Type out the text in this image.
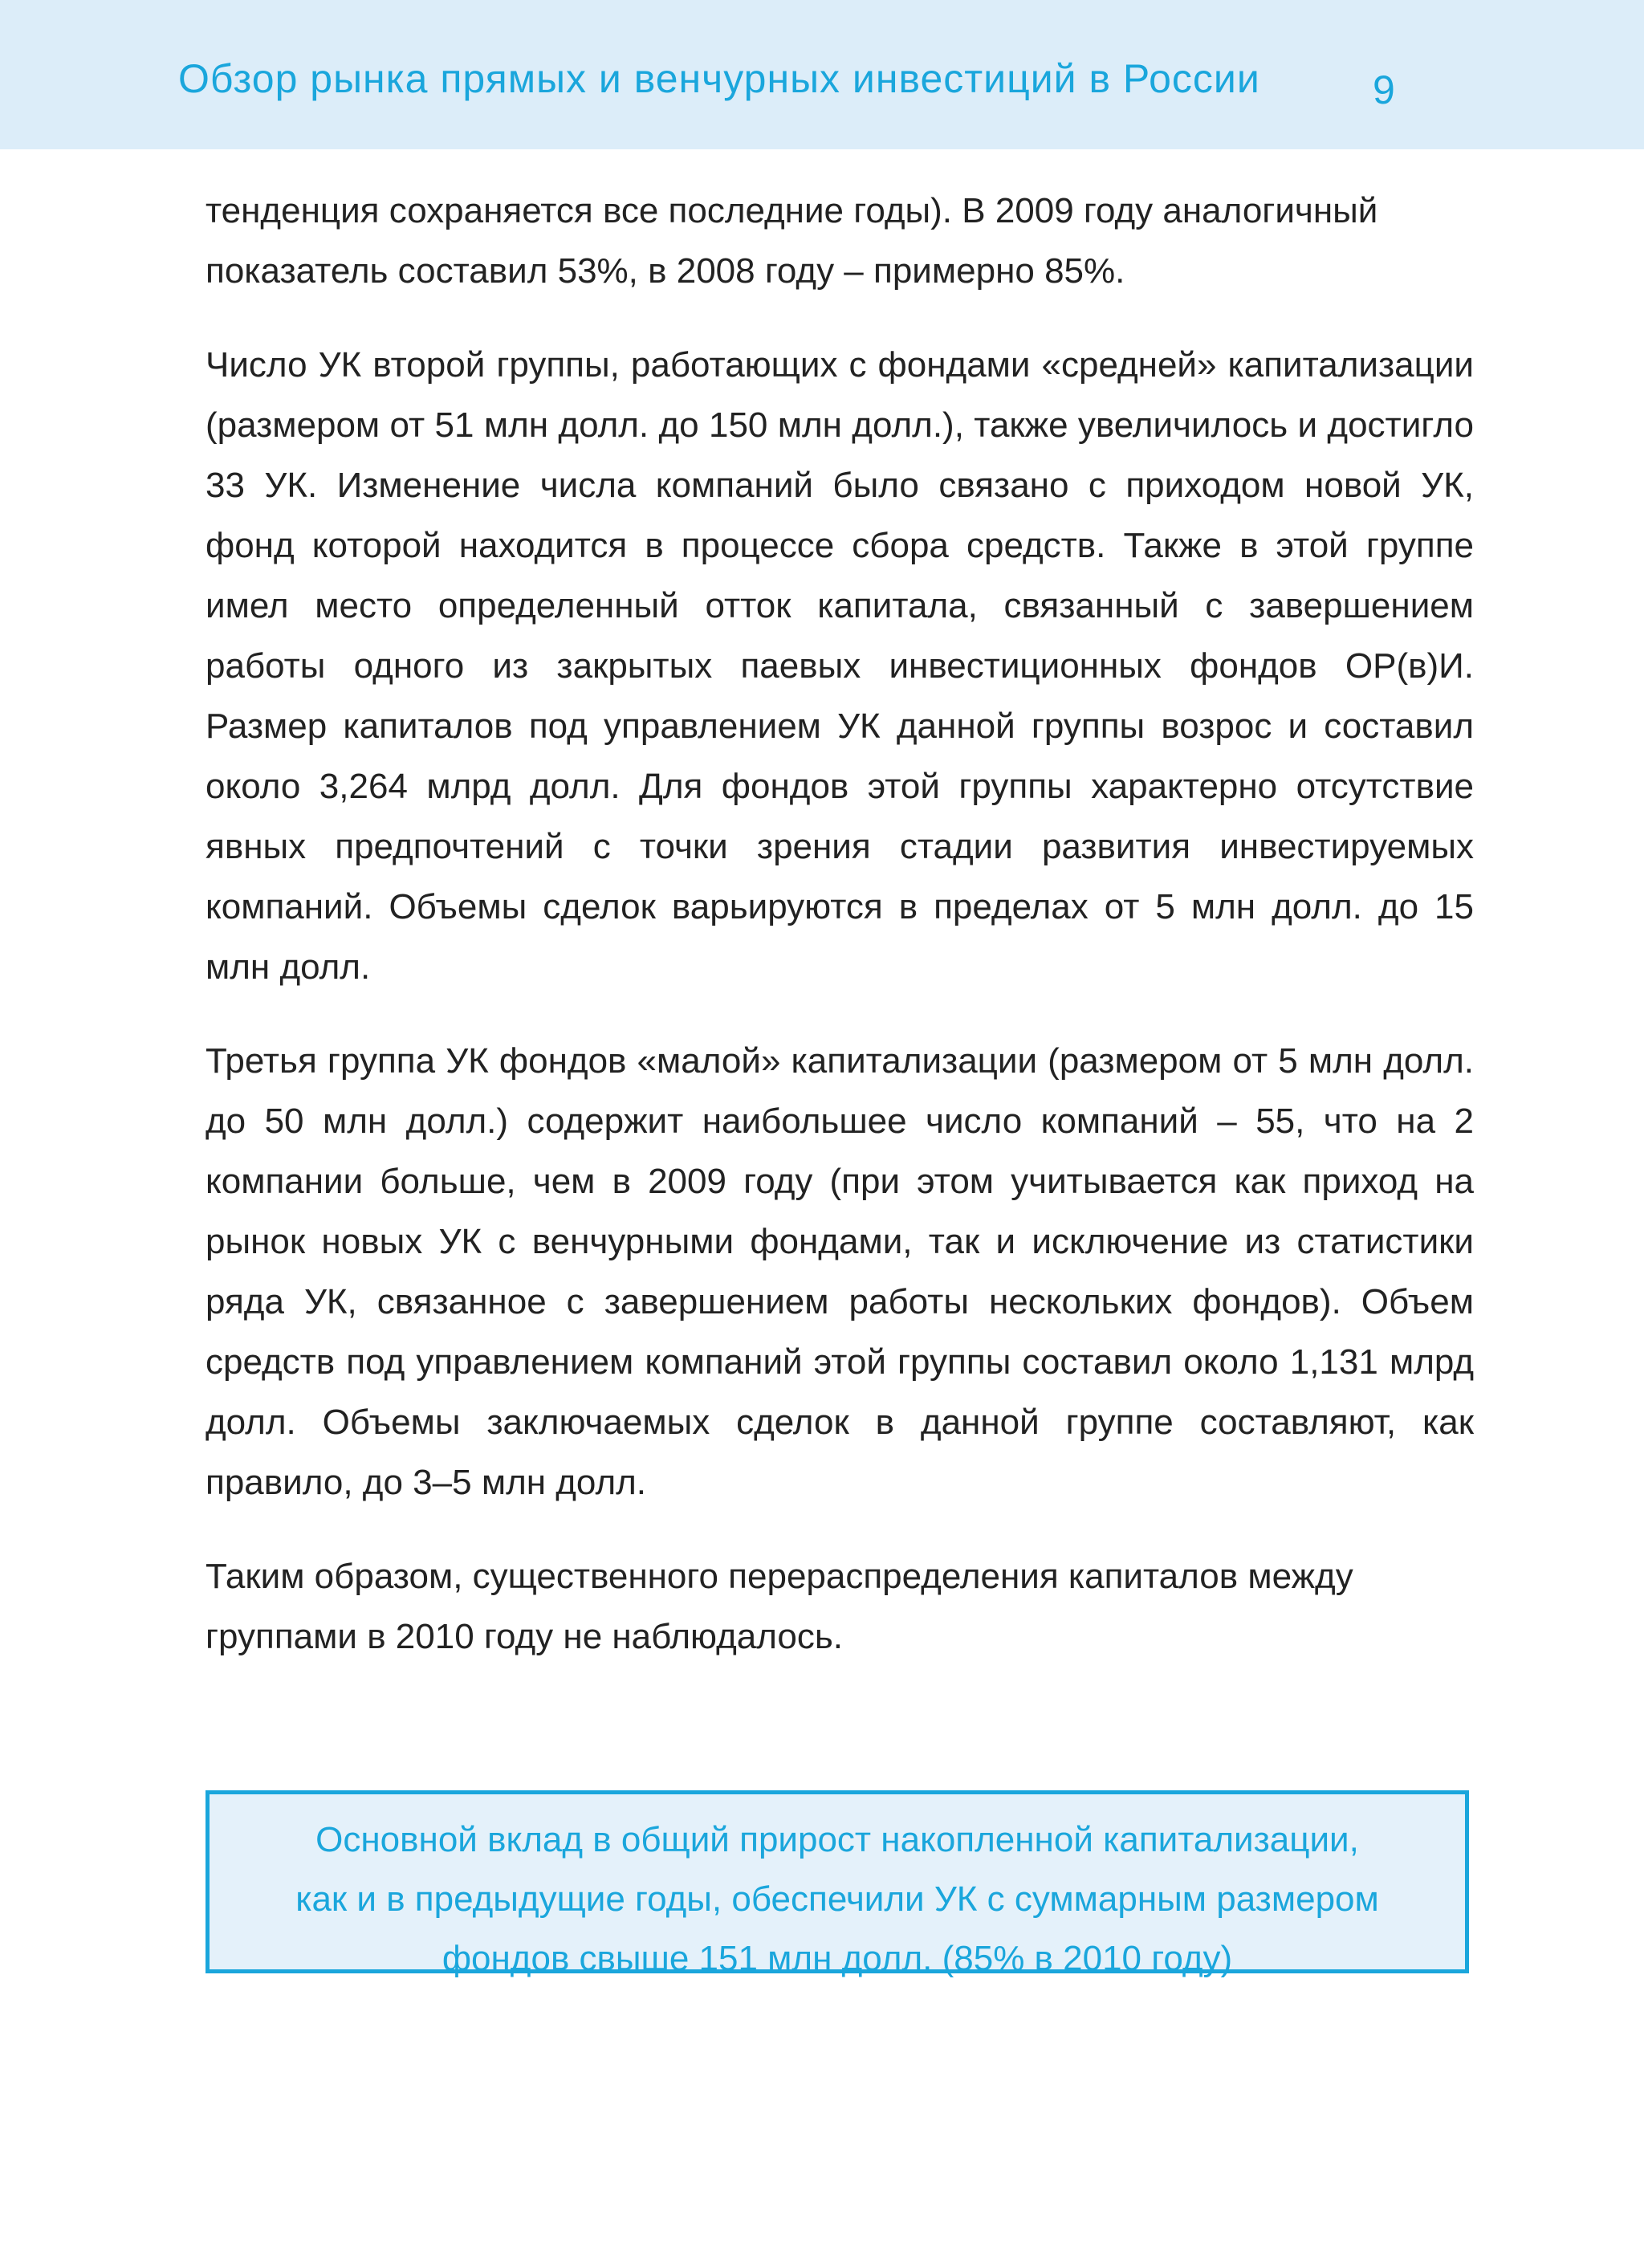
Обзор рынка прямых и венчурных инвестиций в России	9

тенденция сохраняется все последние годы). В 2009 году аналогичный показатель составил 53%, в 2008 году – примерно 85%.

Число УК второй группы, работающих с фондами «средней» капитализации (размером от 51 млн долл. до 150 млн долл.), также увеличилось и достигло 33 УК. Изменение числа компаний было связано с приходом новой УК, фонд которой находится в процессе сбора средств. Также в этой группе имел место определенный отток капитала, связанный с завершением работы одного из закрытых паевых инвестиционных фондов ОР(в)И. Размер капиталов под управлением УК данной группы возрос и составил около 3,264 млрд долл. Для фондов этой группы характерно отсутствие явных предпочтений с точки зрения стадии развития инвестируемых компаний. Объемы сделок варьируются в пределах от 5 млн долл. до 15 млн долл.

Третья группа УК фондов «малой» капитализации (размером от 5 млн долл. до 50 млн долл.) содержит наибольшее число компаний – 55, что на 2 компании больше, чем в 2009 году (при этом учитывается как приход на рынок новых УК с венчурными фондами, так и исключение из статистики ряда УК, связанное с завершением работы нескольких фондов). Объем средств под управлением компаний этой группы составил около 1,131 млрд долл. Объемы заключаемых сделок в данной группе составляют, как правило, до 3–5 млн долл.

Таким образом, существенного перераспределения капиталов между группами в 2010 году не наблюдалось.

Основной вклад в общий прирост накопленной капитализации,
как и в предыдущие годы, обеспечили УК с суммарным размером
фондов свыше 151 млн долл. (85% в 2010 году)
